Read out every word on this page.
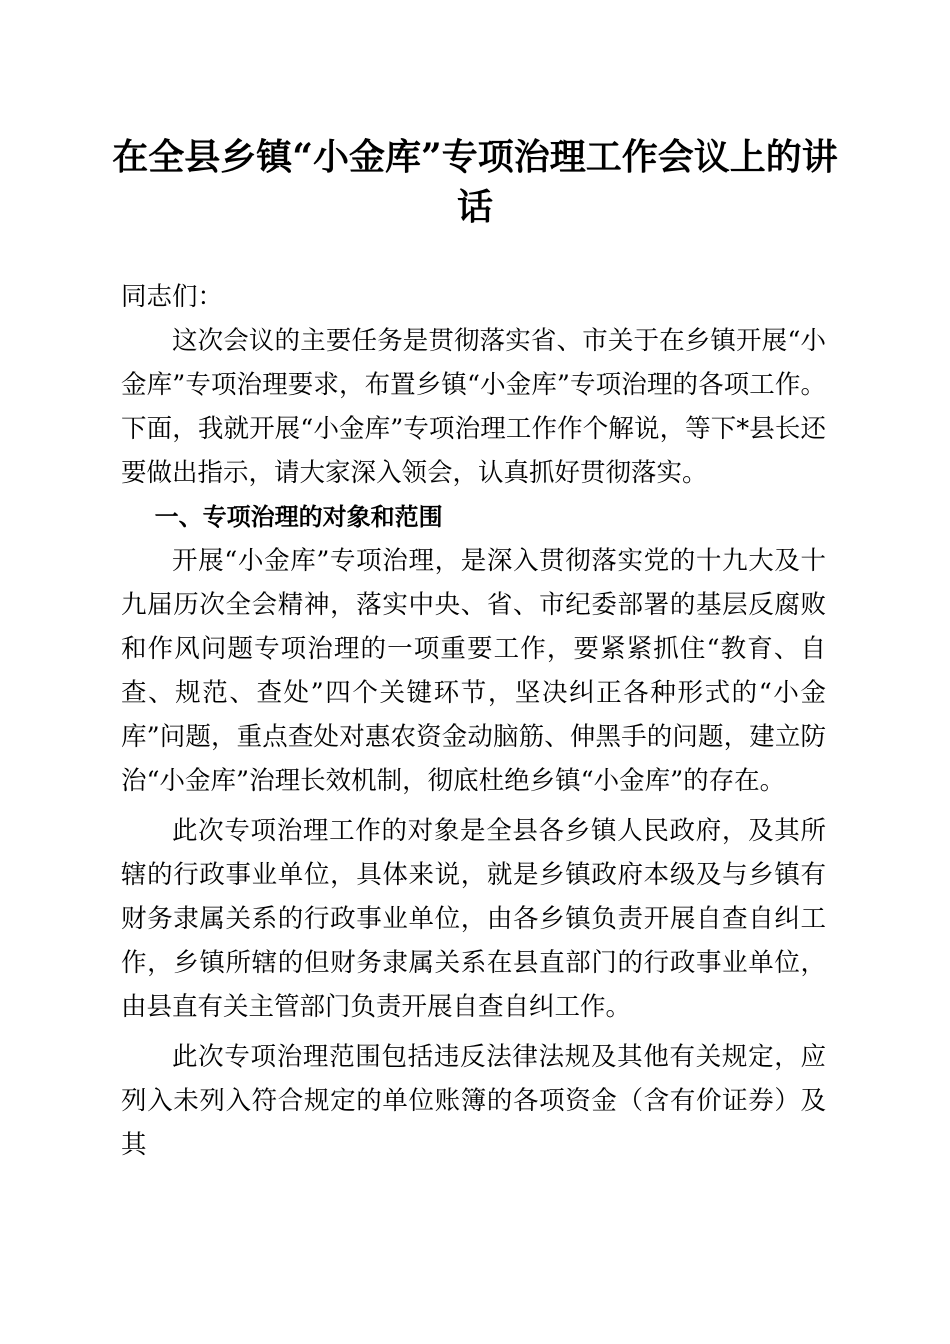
在全县乡镇“小金库”专项治理工作会议上的讲话

同志们：

这次会议的主要任务是贯彻落实省、市关于在乡镇开展“小金库”专项治理要求，布置乡镇“小金库”专项治理的各项工作。下面，我就开展“小金库”专项治理工作作个解说，等下*县长还要做出指示，请大家深入领会，认真抓好贯彻落实。

一、专项治理的对象和范围

开展“小金库”专项治理，是深入贯彻落实党的十九大及十九届历次全会精神，落实中央、省、市纪委部署的基层反腐败和作风问题专项治理的一项重要工作，要紧紧抓住“教育、自查、规范、查处”四个关键环节，坚决纠正各种形式的“小金库”问题，重点查处对惠农资金动脑筋、伸黑手的问题，建立防治“小金库”治理长效机制，彻底杜绝乡镇“小金库”的存在。

此次专项治理工作的对象是全县各乡镇人民政府，及其所辖的行政事业单位，具体来说，就是乡镇政府本级及与乡镇有财务隶属关系的行政事业单位，由各乡镇负责开展自查自纠工作，乡镇所辖的但财务隶属关系在县直部门的行政事业单位，由县直有关主管部门负责开展自查自纠工作。

此次专项治理范围包括违反法律法规及其他有关规定，应列入未列入符合规定的单位账簿的各项资金（含有价证券）及其
